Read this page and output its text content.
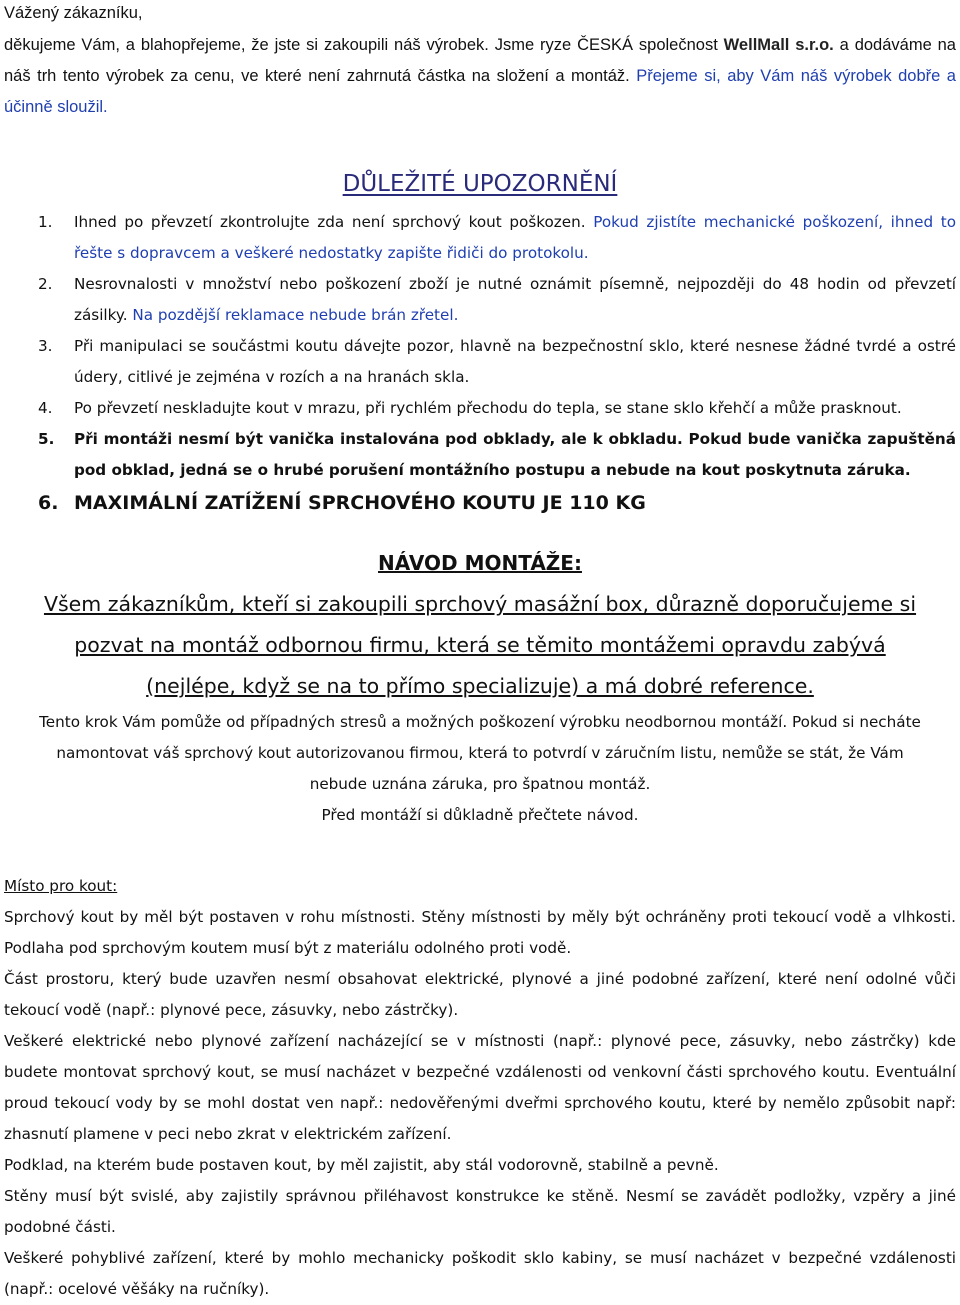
Vážený zákazníku,

děkujeme Vám, a blahopřejeme, že jste si zakoupili náš výrobek. Jsme ryze ČESKÁ společnost WellMall s.r.o. a dodáváme na náš trh tento výrobek za cenu, ve které není zahrnutá částka na složení a montáž. Přejeme si, aby Vám náš výrobek dobře a účinně sloužil.

DŮLEŽITÉ UPOZORNĚNÍ
1. Ihned po převzetí zkontrolujte zda není sprchový kout poškozen. Pokud zjistíte mechanické poškození, ihned to řešte s dopravcem a veškeré nedostatky zapište řidiči do protokolu.
2. Nesrovnalosti v množství nebo poškození zboží je nutné oznámit písemně, nejpozději do 48 hodin od převzetí zásilky. Na pozdější reklamace nebude brán zřetel.
3. Při manipulaci se součástmi koutu dávejte pozor, hlavně na bezpečnostní sklo, které nesnese žádné tvrdé a ostré údery, citlivé je zejména v rozích a na hranách skla.
4. Po převzetí neskladujte kout v mrazu, při rychlém přechodu do tepla, se stane sklo křehčí a může prasknout.
5. Při montáži nesmí být vanička instalována pod obklady, ale k obkladu. Pokud bude vanička zapuštěná pod obklad, jedná se o hrubé porušení montážního postupu a nebude na kout poskytnuta záruka.
6. MAXIMÁLNÍ ZATÍŽENÍ SPRCHOVÉHO KOUTU JE 110 KG
NÁVOD MONTÁŽE:

Všem zákazníkům, kteří si zakoupili sprchový masážní box, důrazně doporučujeme si

pozvat na montáž odbornou firmu, která se těmito montážemi opravdu zabývá

(nejlépe, když se na to přímo specializuje) a má dobré reference.

Tento krok Vám pomůže od případných stresů a možných poškození výrobku neodbornou montáží. Pokud si necháte

namontovat váš sprchový kout autorizovanou firmou, která to potvrdí v záručním listu, nemůže se stát, že Vám

nebude uznána záruka, pro špatnou montáž.

Před montáží si důkladně přečtete návod.

Místo pro kout:

Sprchový kout by měl být postaven v rohu místnosti. Stěny místnosti by měly být ochráněny proti tekoucí vodě a vlhkosti. Podlaha pod sprchovým koutem musí být z materiálu odolného proti vodě.

Část prostoru, který bude uzavřen nesmí obsahovat elektrické, plynové a jiné podobné zařízení, které není odolné vůči tekoucí vodě (např.: plynové pece, zásuvky, nebo zástrčky).

Veškeré elektrické nebo plynové zařízení nacházející se v místnosti (např.: plynové pece, zásuvky, nebo zástrčky) kde budete montovat sprchový kout, se musí nacházet v bezpečné vzdálenosti od venkovní části sprchového koutu. Eventuální proud tekoucí vody by se mohl dostat ven např.: nedověřenými dveřmi sprchového koutu, které by nemělo způsobit např: zhasnutí plamene v peci nebo zkrat v elektrickém zařízení.

Podklad, na kterém bude postaven kout, by měl zajistit, aby stál vodorovně, stabilně a pevně.

Stěny musí být svislé, aby zajistily správnou přiléhavost konstrukce ke stěně. Nesmí se zavádět podložky, vzpěry a jiné podobné části.

Veškeré pohyblivé zařízení, které by mohlo mechanicky poškodit sklo kabiny, se musí nacházet v bezpečné vzdálenosti (např.: ocelové věšáky na ručníky).
